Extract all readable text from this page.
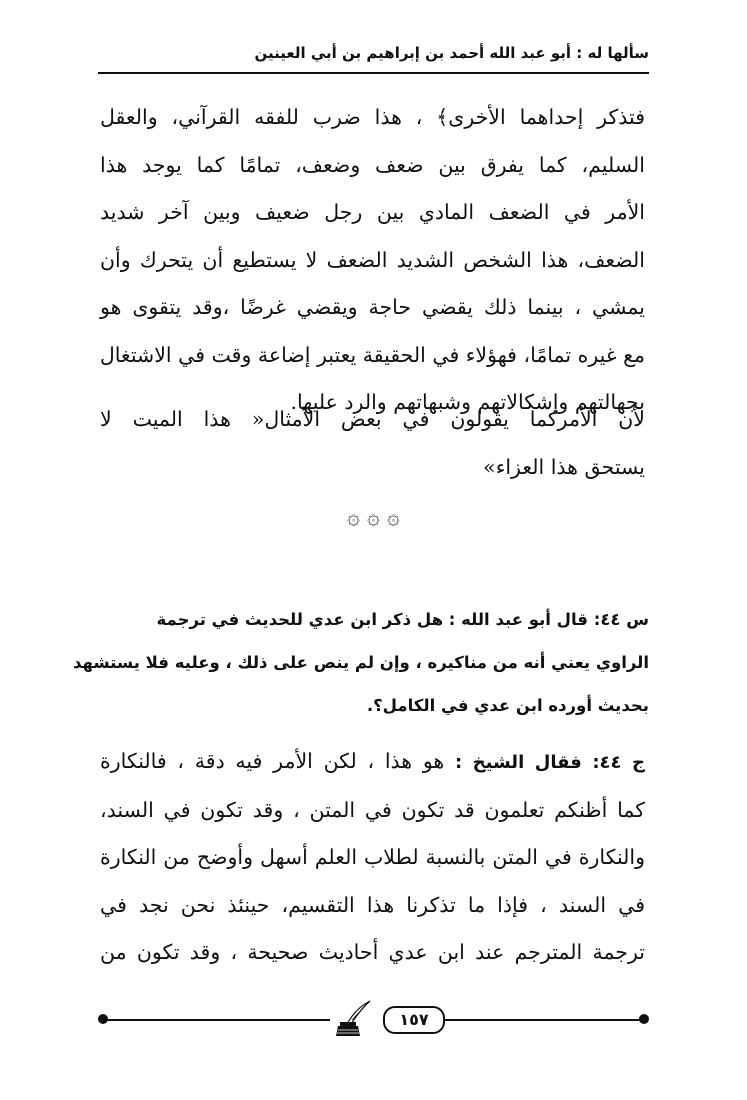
سألها له : أبو عبد الله أحمد بن إبراهيم بن أبي العينين
فتذكر إحداهما الأخرى﴾ ، هذا ضرب للفقه القرآني، والعقل
السليم، كما يفرق بين ضعف وضعف، تمامًا كما يوجد هذا
الأمر في الضعف المادي بين رجل ضعيف وبين آخر شديد
الضعف، هذا الشخص الشديد الضعف لا يستطيع أن يتحرك وأن
يمشي ، بينما ذلك يقضي حاجة ويقضي غرضًا ،وقد يتقوى هو
مع غيره تمامًا، فهؤلاء في الحقيقة يعتبر إضاعة وقت في الاشتغال
بجهالتهم وإشكالاتهم وشبهاتهم والرد عليها.
لأن الأمركما يقولون في بعض الأمثال« هذا الميت لا
يستحق هذا العزاء»
۞ ۞ ۞
س ٤٤: قال أبو عبد الله : هل ذكر ابن عدي للحديث في ترجمة
الراوي يعني أنه من مناكيره ، وإن لم ينص على ذلك ، وعليه فلا يستشهد
بحديث أورده ابن عدي في الكامل؟.
ج ٤٤: فقال الشيخ : هو هذا ، لكن الأمر فيه دقة ، فالنكارة
كما أظنكم تعلمون قد تكون في المتن ، وقد تكون في السند،
والنكارة في المتن بالنسبة لطلاب العلم أسهل وأوضح من النكارة
في السند ، فإذا ما تذكرنا هذا التقسيم، حينئذ نحن نجد في
ترجمة المترجم عند ابن عدي أحاديث صحيحة ، وقد تكون من
١٥٧
